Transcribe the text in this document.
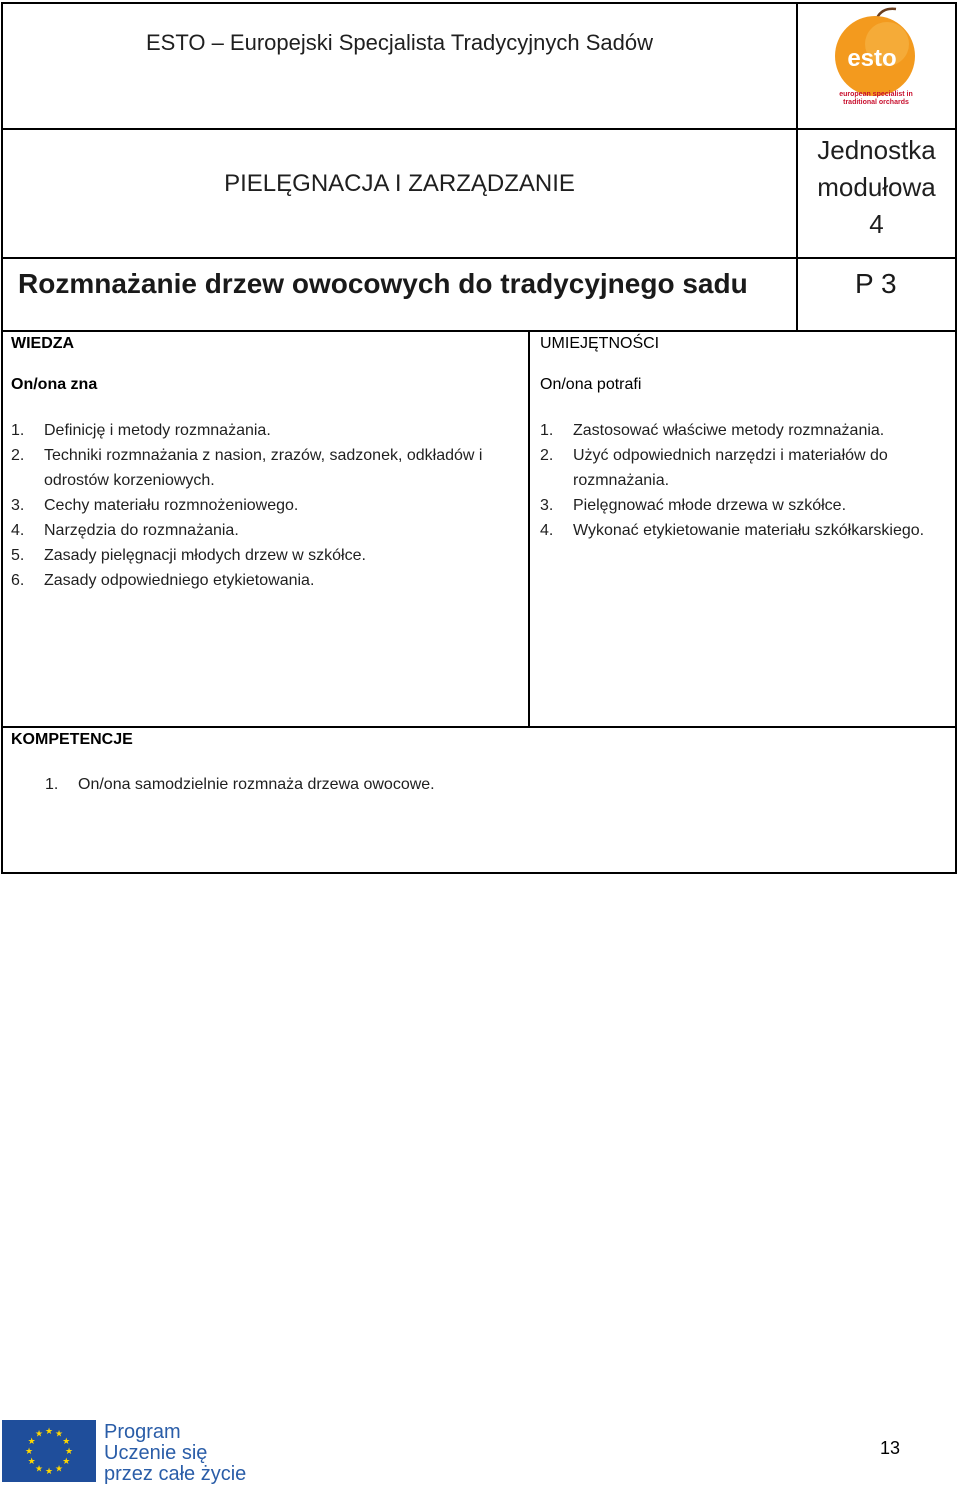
ESTO – Europejski Specjalista Tradycyjnych Sadów
esto
european specialist in
traditional orchards
PIELĘGNACJA I ZARZĄDZANIE
Jednostka
modułowa
4
Rozmnażanie drzew owocowych do tradycyjnego sadu	P 3
WIEDZA
On/ona zna
1. Definicję i metody rozmnażania.
2. Techniki rozmnażania z nasion, zrazów, sadzonek, odkładów i odrostów korzeniowych.
3. Cechy materiału rozmnożeniowego.
4. Narzędzia do rozmnażania.
5. Zasady pielęgnacji młodych drzew w szkółce.
6. Zasady odpowiedniego etykietowania.
UMIEJĘTNOŚCI
On/ona potrafi
1. Zastosować właściwe metody rozmnażania.
2. Użyć odpowiednich narzędzi i materiałów do rozmnażania.
3. Pielęgnować młode drzewa w szkółce.
4. Wykonać etykietowanie materiału szkółkarskiego.
KOMPETENCJE
1. On/ona samodzielnie rozmnaża drzewa owocowe.
★ ★
★
★
★
★
★
★
★
★
★
★	Program
Uczenie się
przez całe życie
13
